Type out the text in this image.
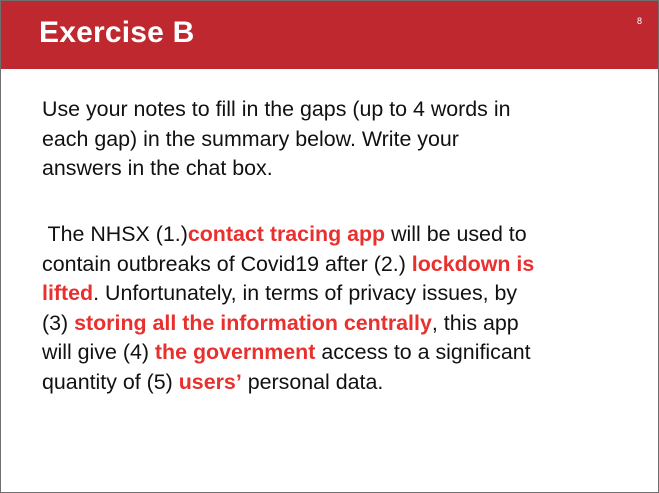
Exercise B	8
Use your notes to fill in the gaps (up to 4 words in
each gap) in the summary below. Write your
answers in the chat box.
The NHSX (1.)contact tracing app will be used to
contain outbreaks of Covid19 after (2.) lockdown is
lifted. Unfortunately, in terms of privacy issues, by
(3) storing all the information centrally, this app
will give (4) the government access to a significant
quantity of (5) users’ personal data.
